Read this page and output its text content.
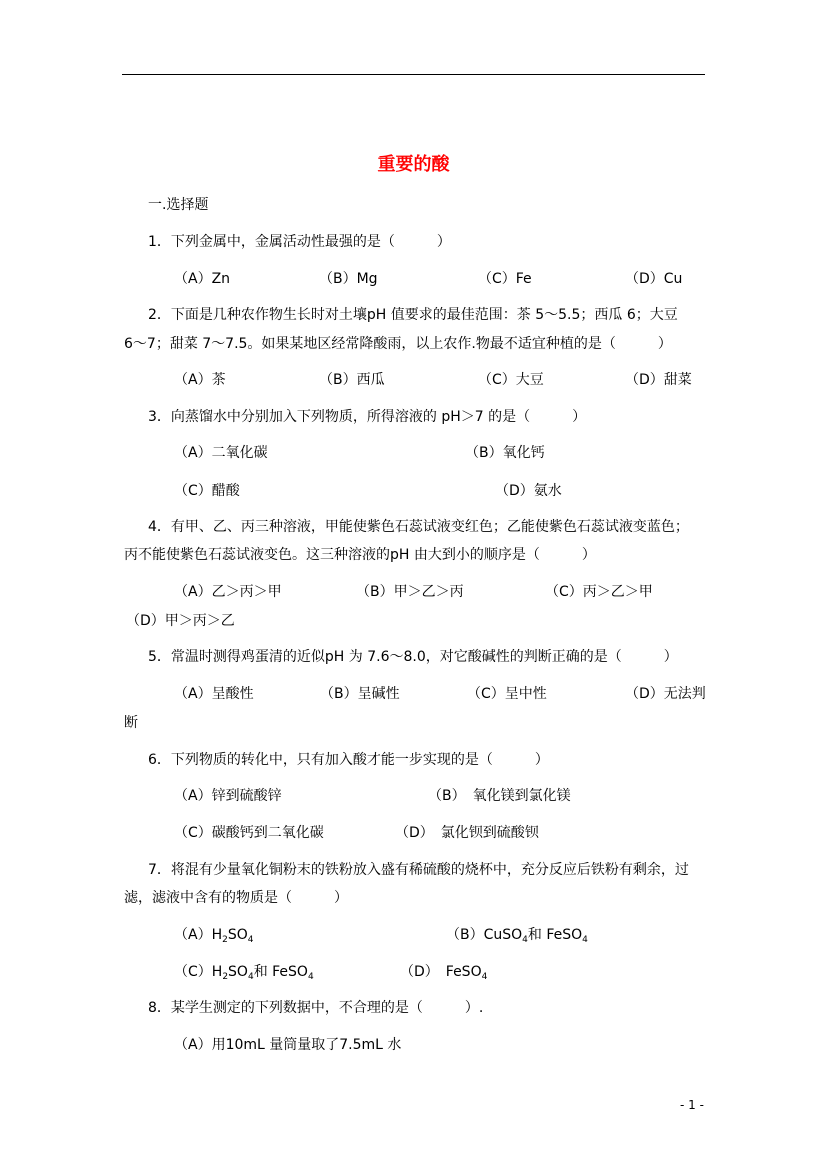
重要的酸
一.选择题
1．下列金属中，金属活动性最强的是（　　　）
（A）Zn	（B）Mg	（C）Fe	（D）Cu
2．下面是几种农作物生长时对土壤pH 值要求的最佳范围：茶 5～5.5；西瓜 6；大豆
6～7；甜菜 7～7.5。如果某地区经常降酸雨，以上农作.物最不适宜种植的是（　　　）
（A）茶	（B）西瓜	（C）大豆	（D）甜菜
3．向蒸馏水中分别加入下列物质，所得溶液的 pH＞7 的是（　　　）
（A）二氧化碳	（B）氧化钙
（C）醋酸	（D）氨水
4．有甲、乙、丙三种溶液，甲能使紫色石蕊试液变红色；乙能使紫色石蕊试液变蓝色；
丙不能使紫色石蕊试液变色。这三种溶液的pH 由大到小的顺序是（　　　）
（A）乙＞丙＞甲	（B）甲＞乙＞丙	（C）丙＞乙＞甲
（D）甲＞丙＞乙
5．常温时测得鸡蛋清的近似pH 为 7.6～8.0，对它酸碱性的判断正确的是（　　　）
（A）呈酸性	（B）呈碱性	（C）呈中性	（D）无法判
断
6．下列物质的转化中，只有加入酸才能一步实现的是（　　　）
（A）锌到硫酸锌	（B）　氧化镁到氯化镁
（C）碳酸钙到二氧化碳	（D）　氯化钡到硫酸钡
7．将混有少量氧化铜粉末的铁粉放入盛有稀硫酸的烧杯中，充分反应后铁粉有剩余，过
滤，滤液中含有的物质是（　　　）
$(A)H_2SO_4$	（B）CuSO$_4$和 FeSO$_4$
$(C)H_2SO_4$和 FeSO$_4$	（D）　FeSO$_4$
8．某学生测定的下列数据中，不合理的是（　　　）.
（A）用10mL 量筒量取了7.5mL 水
- 1 -
